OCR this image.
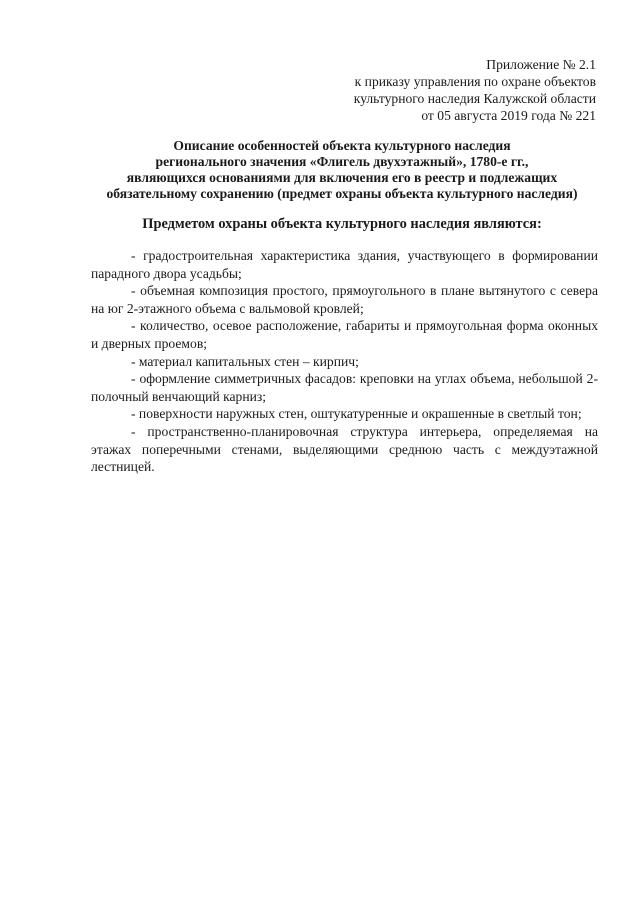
Приложение № 2.1
к приказу управления по охране объектов
культурного наследия Калужской области
от 05 августа 2019 года № 221
Описание особенностей объекта культурного наследия
регионального значения «Флигель двухэтажный», 1780-е гг.,
являющихся основаниями для включения его в реестр и подлежащих
обязательному сохранению (предмет охраны объекта культурного наследия)
Предметом охраны объекта культурного наследия являются:

- градостроительная характеристика здания, участвующего в формировании парадного двора усадьбы;

- объемная композиция простого, прямоугольного в плане вытянутого с севера на юг 2-этажного объема с вальмовой кровлей;

- количество, осевое расположение, габариты и прямоугольная форма оконных и дверных проемов;

- материал капитальных стен – кирпич;

- оформление симметричных фасадов: креповки на углах объема, небольшой 2-полочный венчающий карниз;

- поверхности наружных стен, оштукатуренные и окрашенные в светлый тон;

- пространственно-планировочная структура интерьера, определяемая на этажах поперечными стенами, выделяющими среднюю часть с междуэтажной лестницей.
